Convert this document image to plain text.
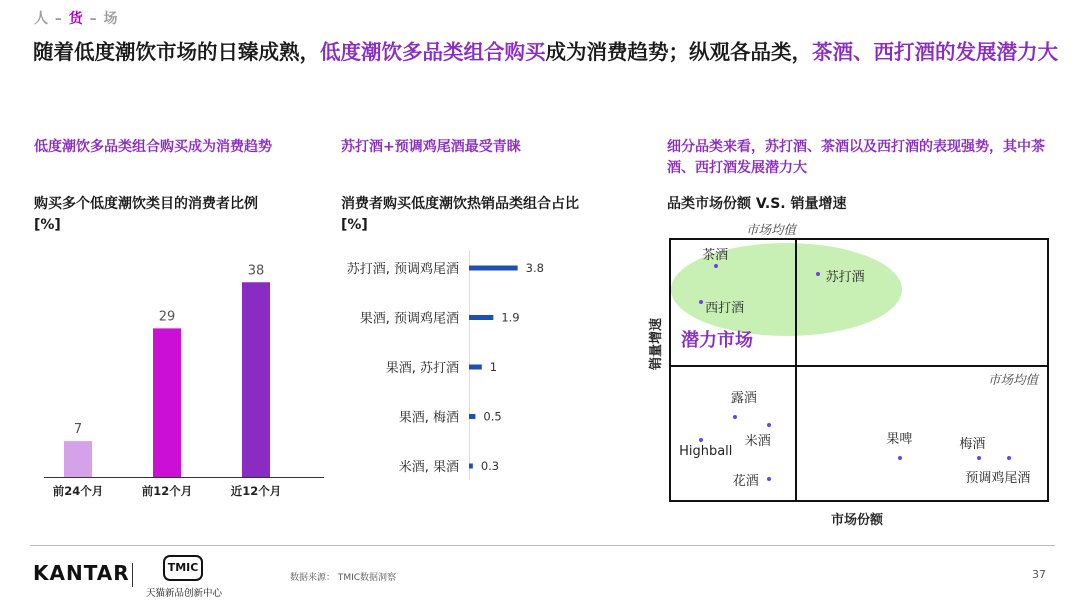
人 – 货 – 场
随着低度潮饮市场的日臻成熟，低度潮饮多品类组合购买成为消费趋势；纵观各品类，茶酒、西打酒的发展潜力大
低度潮饮多品类组合购买成为消费趋势	苏打酒+预调鸡尾酒最受青睐	细分品类来看，苏打酒、茶酒以及西打酒的表现强势，其中茶酒、西打酒发展潜力大
购买多个低度潮饮类目的消费者比例
[%]
消费者购买低度潮饮热销品类组合占比
[%]
品类市场份额 V.S. 销量增速
7
前24个月
29
前12个月
38
近12个月
苏打酒, 预调鸡尾酒	3.8
果酒, 预调鸡尾酒	1.9
果酒, 苏打酒	1
果酒, 梅酒 0.5
米酒, 果酒 0.3
市场均值
市场均值
潜力市场
市场份额
销量增速
茶酒
西打酒
苏打酒
露酒
米酒
Highball
花酒
果啤	梅酒
预调鸡尾酒
KANTAR	TMIC
天猫新品创新中心
数据来源： TMIC数据洞察	37
